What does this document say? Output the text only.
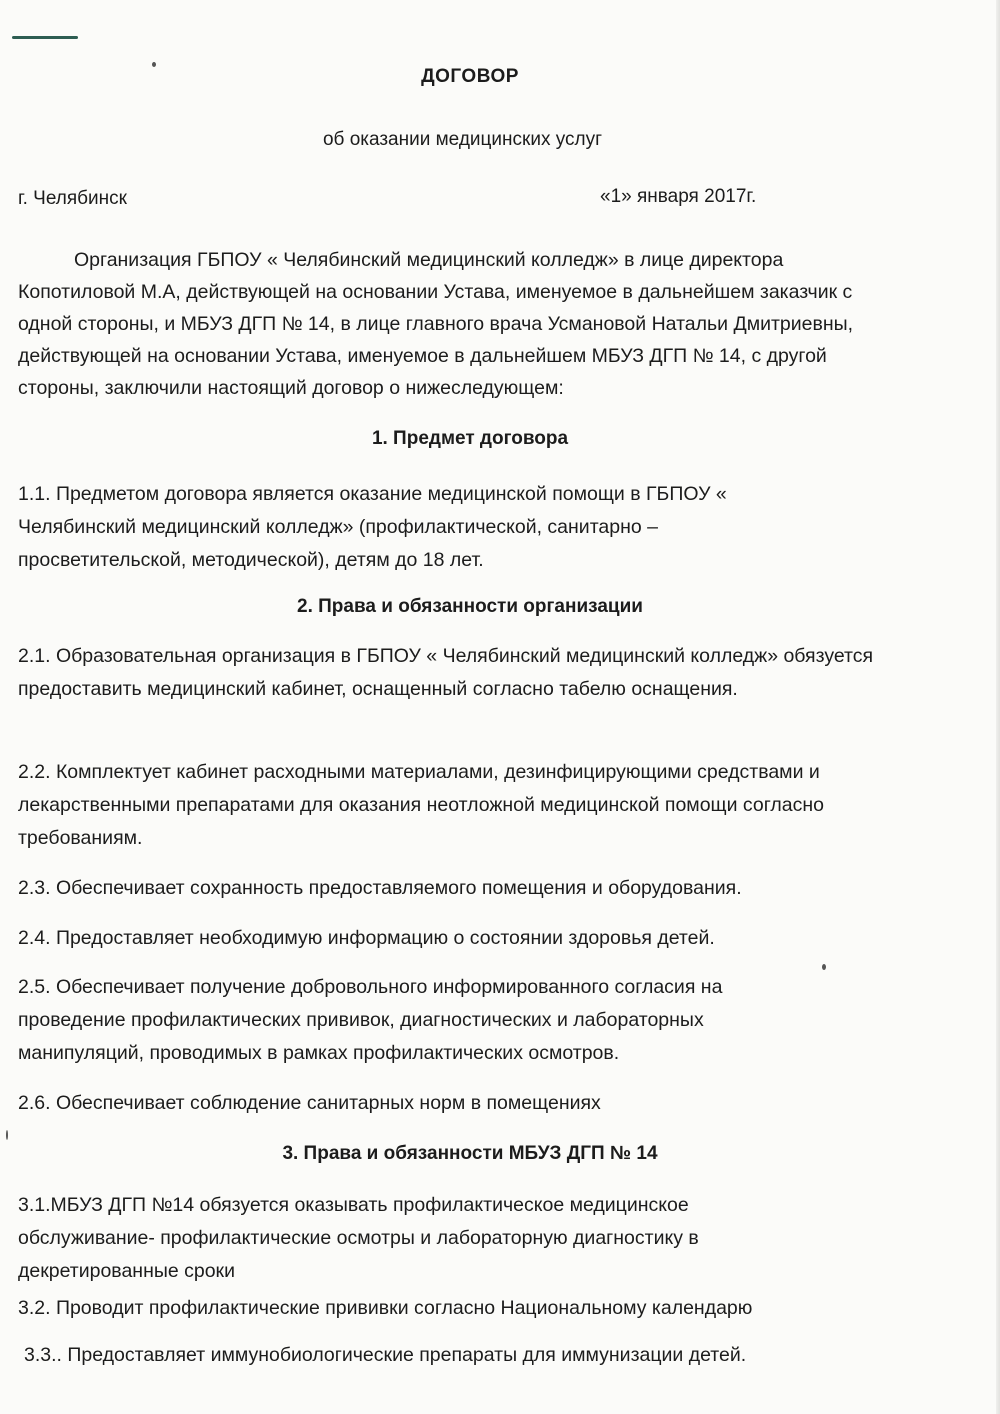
ДОГОВОР
об оказании медицинских услуг
г. Челябинск	«1» января 2017г.
Организация ГБПОУ « Челябинский медицинский колледж» в лице директора Копотиловой М.А, действующей на основании Устава, именуемое в дальнейшем заказчик с одной стороны, и МБУЗ ДГП № 14, в лице главного врача Усмановой Натальи Дмитриевны, действующей на основании Устава, именуемое в дальнейшем МБУЗ ДГП № 14, с другой стороны, заключили настоящий договор о нижеследующем:
1. Предмет договора
1.1. Предметом договора является оказание медицинской помощи в ГБПОУ « Челябинский медицинский колледж» (профилактической, санитарно – просветительской, методической), детям до 18 лет.
2. Права и обязанности организации
2.1. Образовательная организация в ГБПОУ « Челябинский медицинский колледж» обязуется предоставить медицинский кабинет, оснащенный согласно табелю оснащения.
2.2. Комплектует кабинет расходными материалами, дезинфицирующими средствами и лекарственными препаратами для оказания неотложной медицинской помощи согласно требованиям.
2.3. Обеспечивает сохранность предоставляемого помещения и оборудования.
2.4. Предоставляет необходимую информацию о состоянии здоровья детей.
2.5. Обеспечивает получение добровольного информированного согласия на проведение профилактических прививок, диагностических и лабораторных манипуляций, проводимых в рамках профилактических осмотров.
2.6. Обеспечивает соблюдение санитарных норм в помещениях
3. Права и обязанности МБУЗ ДГП № 14
3.1.МБУЗ ДГП №14 обязуется оказывать профилактическое медицинское обслуживание- профилактические осмотры и лабораторную диагностику в декретированные сроки
3.2. Проводит профилактические прививки согласно Национальному календарю
3.3.. Предоставляет иммунобиологические препараты для иммунизации детей.
